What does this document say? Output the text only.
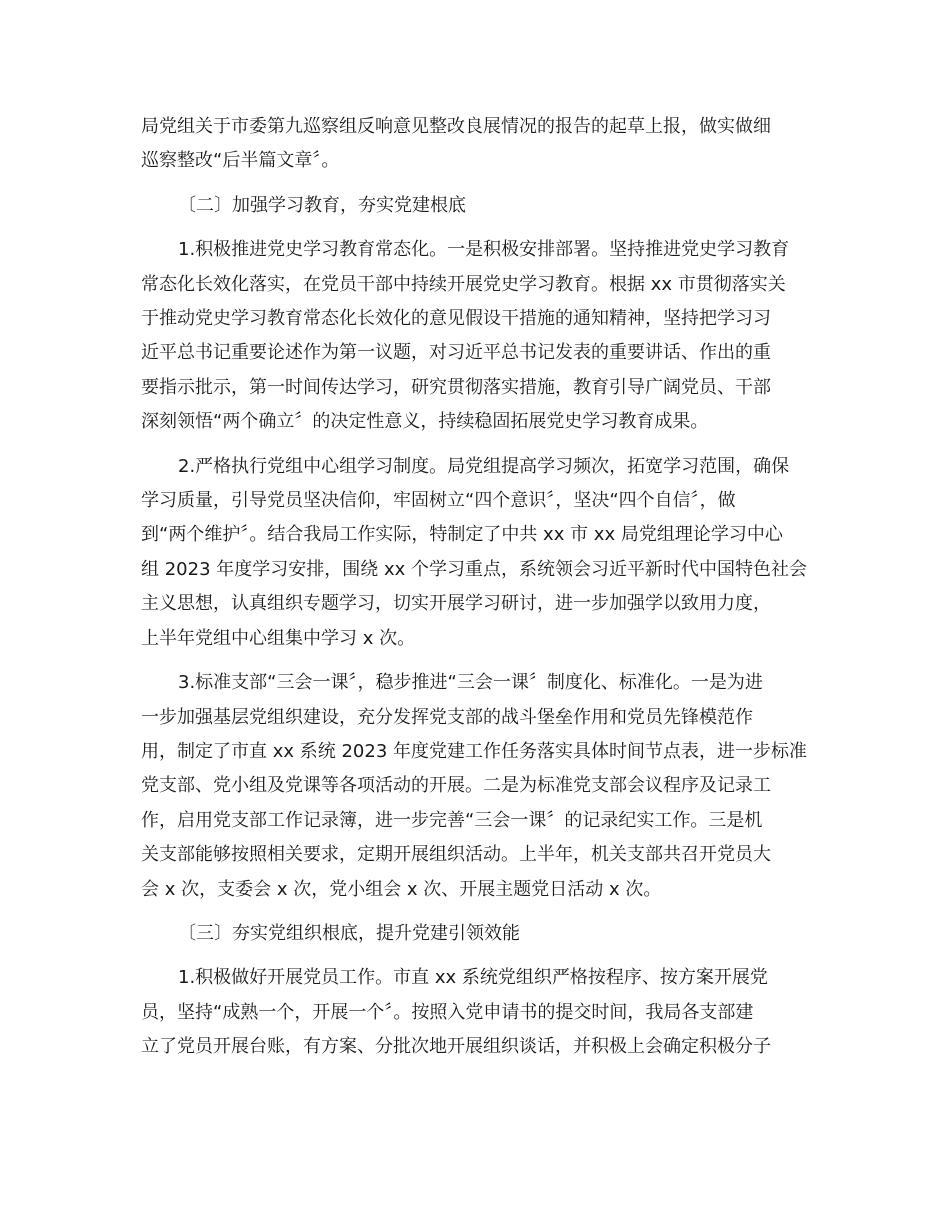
局党组关于市委第九巡察组反响意见整改良展情况的报告的起草上报，做实做细
巡察整改“后半篇文章〞。
〔二〕加强学习教育，夯实党建根底
1.积极推进党史学习教育常态化。一是积极安排部署。坚持推进党史学习教育
常态化长效化落实，在党员干部中持续开展党史学习教育。根据 xx 市贯彻落实关
于推动党史学习教育常态化长效化的意见假设干措施的通知精神，坚持把学习习
近平总书记重要论述作为第一议题，对习近平总书记发表的重要讲话、作出的重
要指示批示，第一时间传达学习，研究贯彻落实措施，教育引导广阔党员、干部
深刻领悟“两个确立〞的决定性意义，持续稳固拓展党史学习教育成果。
2.严格执行党组中心组学习制度。局党组提高学习频次，拓宽学习范围，确保
学习质量，引导党员坚决信仰，牢固树立“四个意识〞，坚决“四个自信〞，做
到“两个维护〞。结合我局工作实际，特制定了中共 xx 市 xx 局党组理论学习中心
组 2023 年度学习安排，围绕 xx 个学习重点，系统领会习近平新时代中国特色社会
主义思想，认真组织专题学习，切实开展学习研讨，进一步加强学以致用力度，
上半年党组中心组集中学习 x 次。
3.标准支部“三会一课〞，稳步推进“三会一课〞制度化、标准化。一是为进
一步加强基层党组织建设，充分发挥党支部的战斗堡垒作用和党员先锋模范作
用，制定了市直 xx 系统 2023 年度党建工作任务落实具体时间节点表，进一步标准
党支部、党小组及党课等各项活动的开展。二是为标准党支部会议程序及记录工
作，启用党支部工作记录簿，进一步完善“三会一课〞的记录纪实工作。三是机
关支部能够按照相关要求，定期开展组织活动。上半年，机关支部共召开党员大
会 x 次，支委会 x 次，党小组会 x 次、开展主题党日活动 x 次。
〔三〕夯实党组织根底，提升党建引领效能
1.积极做好开展党员工作。市直 xx 系统党组织严格按程序、按方案开展党
员，坚持“成熟一个，开展一个〞。按照入党申请书的提交时间，我局各支部建
立了党员开展台账，有方案、分批次地开展组织谈话，并积极上会确定积极分子
